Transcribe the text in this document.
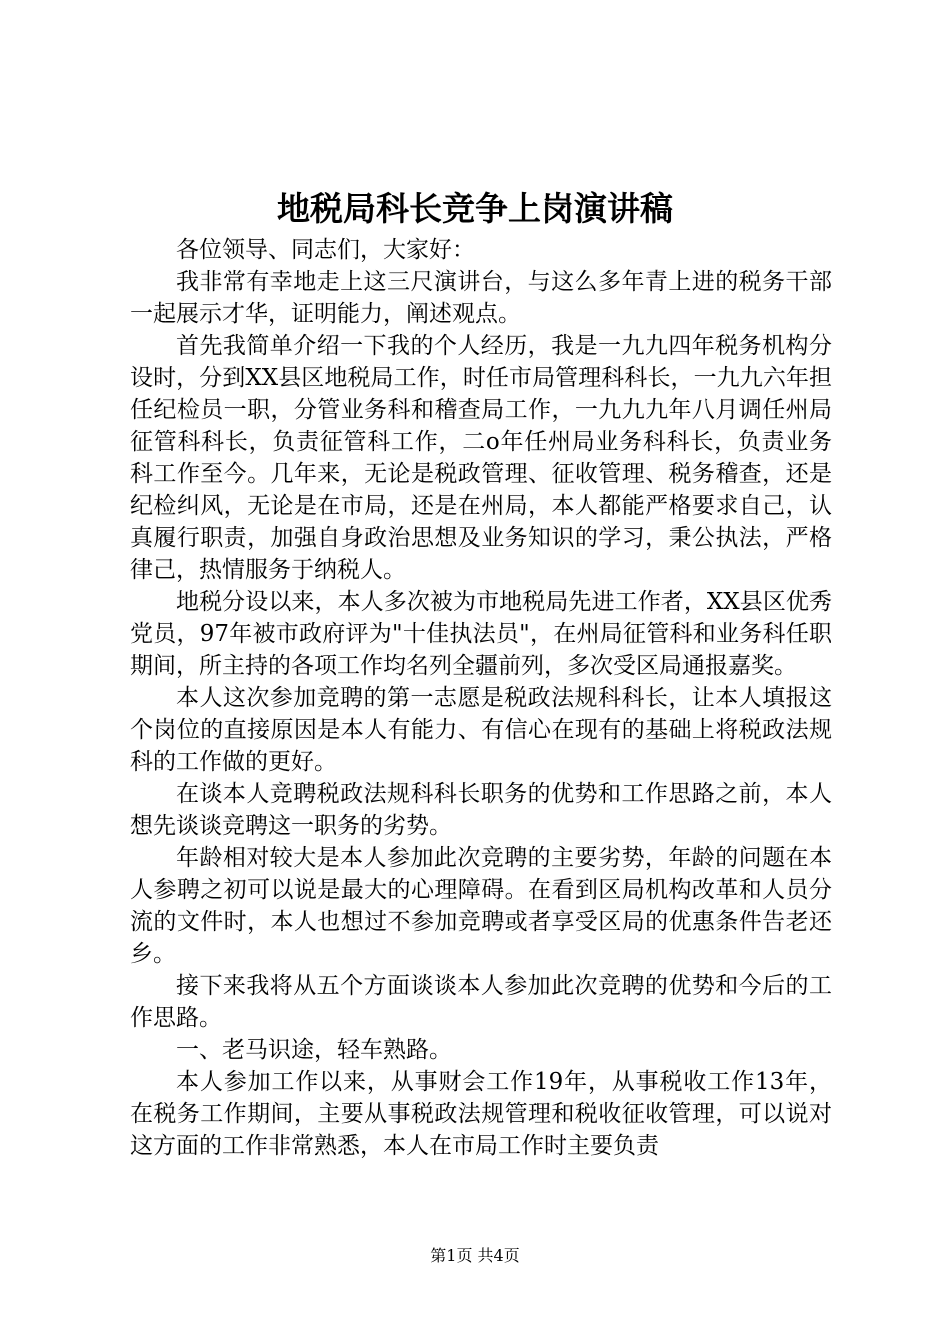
地税局科长竞争上岗演讲稿

各位领导、同志们，大家好：

我非常有幸地走上这三尺演讲台，与这么多年青上进的税务干部一起展示才华，证明能力，阐述观点。

首先我简单介绍一下我的个人经历，我是一九九四年税务机构分设时，分到XX县区地税局工作，时任市局管理科科长，一九九六年担任纪检员一职，分管业务科和稽查局工作，一九九九年八月调任州局征管科科长，负责征管科工作，二o年任州局业务科科长，负责业务科工作至今。几年来，无论是税政管理、征收管理、税务稽查，还是纪检纠风，无论是在市局，还是在州局，本人都能严格要求自己，认真履行职责，加强自身政治思想及业务知识的学习，秉公执法，严格律己，热情服务于纳税人。

地税分设以来，本人多次被为市地税局先进工作者，XX县区优秀党员，97年被市政府评为"十佳执法员"，在州局征管科和业务科任职期间，所主持的各项工作均名列全疆前列，多次受区局通报嘉奖。

本人这次参加竞聘的第一志愿是税政法规科科长，让本人填报这个岗位的直接原因是本人有能力、有信心在现有的基础上将税政法规科的工作做的更好。

在谈本人竞聘税政法规科科长职务的优势和工作思路之前，本人想先谈谈竞聘这一职务的劣势。

年龄相对较大是本人参加此次竞聘的主要劣势，年龄的问题在本人参聘之初可以说是最大的心理障碍。在看到区局机构改革和人员分流的文件时，本人也想过不参加竞聘或者享受区局的优惠条件告老还乡。

接下来我将从五个方面谈谈本人参加此次竞聘的优势和今后的工作思路。

一、老马识途，轻车熟路。

本人参加工作以来，从事财会工作19年，从事税收工作13年，在税务工作期间，主要从事税政法规管理和税收征收管理，可以说对这方面的工作非常熟悉，本人在市局工作时主要负责

第1页 共4页
